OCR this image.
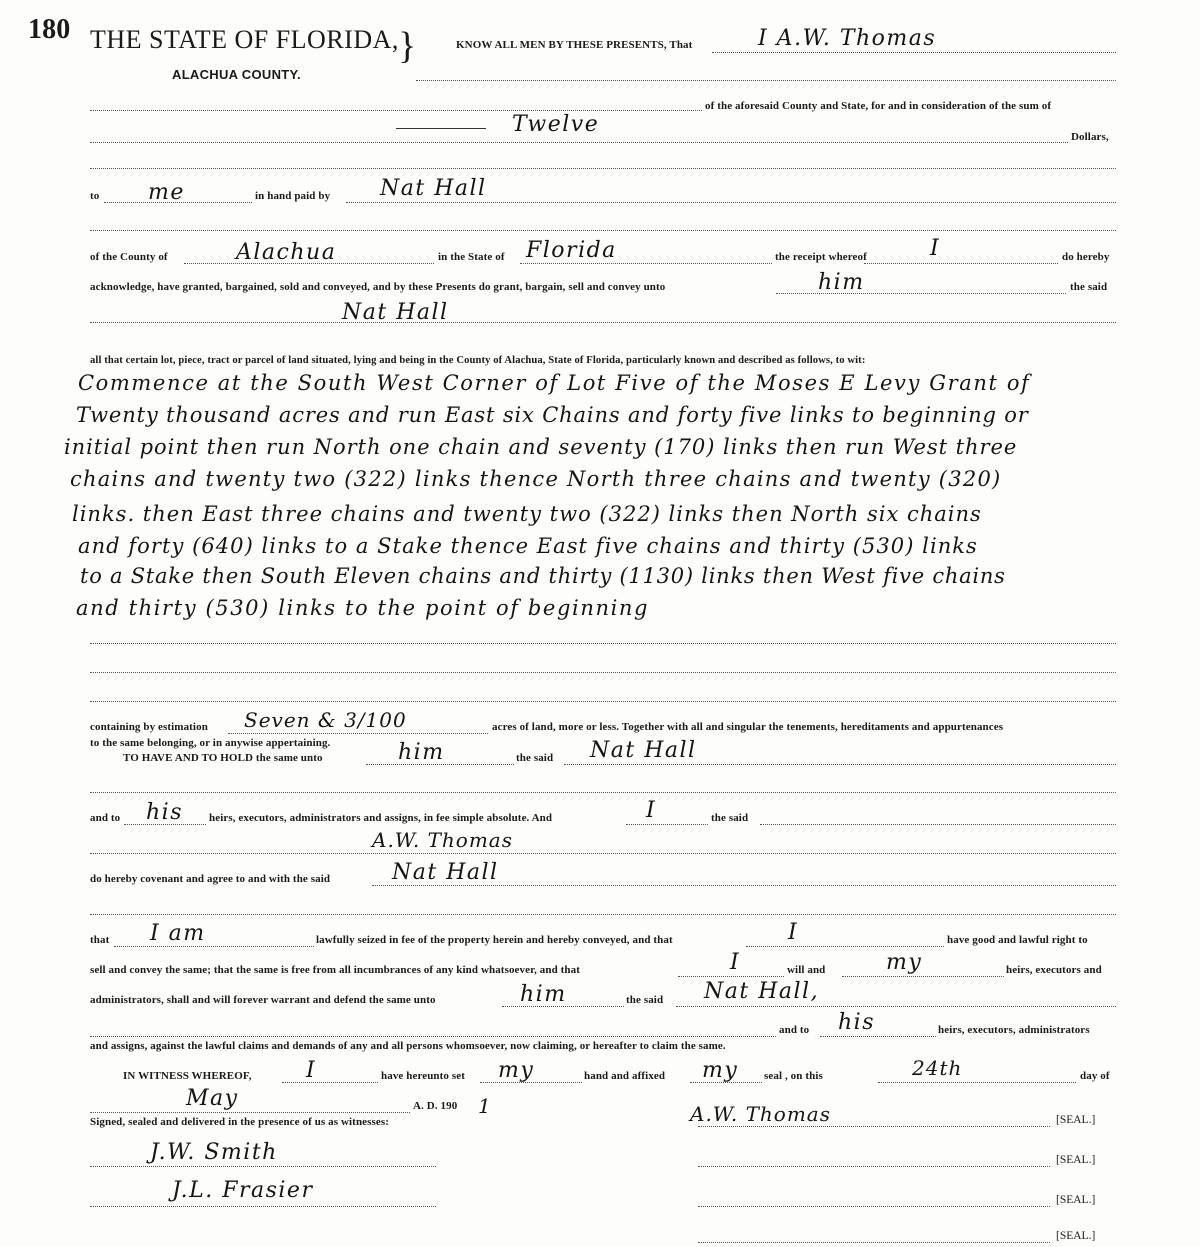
180 THE STATE OF FLORIDA, }
ALACHUA COUNTY.
KNOW ALL MEN BY THESE PRESENTS, That	I A.W. Thomas
of the aforesaid County and State, for and in consideration of the sum of
Twelve	Dollars,
to me	in hand paid by Nat Hall
of the County of	Alachua	in the State of Florida	the receipt whereof	I	do hereby
acknowledge, have granted, bargained, sold and conveyed, and by these Presents do grant, bargain, sell and convey unto	him	the said
Nat Hall
all that certain lot, piece, tract or parcel of land situated, lying and being in the County of Alachua, State of Florida, particularly known and described as follows, to wit:
Commence at the South West Corner of Lot Five of the Moses E Levy Grant of
Twenty thousand acres and run East six Chains and forty five links to beginning or
initial point then run North one chain and seventy (170) links then run West three
chains and twenty two (322) links thence North three chains and twenty (320)
links. then East three chains and twenty two (322) links then North six chains
and forty (640) links to a Stake thence East five chains and thirty (530) links
to a Stake then South Eleven chains and thirty (1130) links then West five chains
and thirty (530) links to the point of beginning
containing by estimation Seven & 3/100	acres of land, more or less. Together with all and singular the tenements, hereditaments and appurtenances
to the same belonging, or in anywise appertaining.
TO HAVE AND TO HOLD the same unto	him	the said Nat Hall
and to his heirs, executors, administrators and assigns, in fee simple absolute. And	I	the said
A.W. Thomas
do hereby covenant and agree to and with the said	Nat Hall
that I am	lawfully seized in fee of the property herein and hereby conveyed, and that	I	have good and lawful right to
sell and convey the same; that the same is free from all incumbrances of any kind whatsoever, and that	I	will and	my	heirs, executors and
administrators, shall and will forever warrant and defend the same unto	him	the said Nat Hall,
and to his	heirs, executors, administrators
and assigns, against the lawful claims and demands of any and all persons whomsoever, now claiming, or hereafter to claim the same.
IN WITNESS WHEREOF, I	have hereunto set my	hand and affixed my seal , on this	24th	day of
May	A. D. 190 1
Signed, sealed and delivered in the presence of us as witnesses:	A.W. Thomas	[SEAL.]
J.W. Smith	[SEAL.]
J.L. Frasier	[SEAL.]
[SEAL.]
